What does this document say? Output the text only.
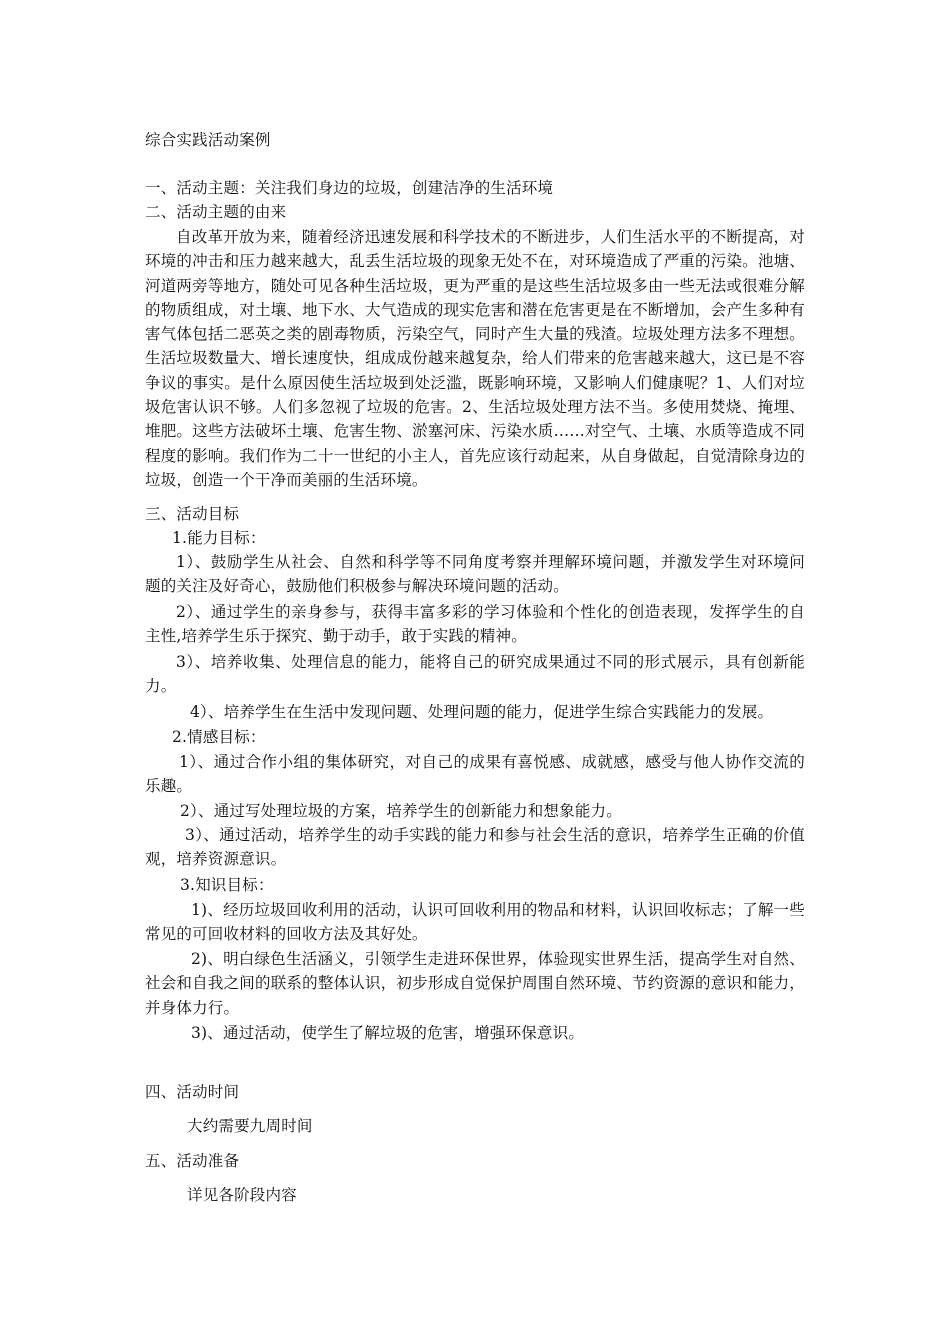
综合实践活动案例
一、活动主题：关注我们身边的垃圾，创建洁净的生活环境
二、活动主题的由来
自改革开放为来，随着经济迅速发展和科学技术的不断进步，人们生活水平的不断提高，对环境的冲击和压力越来越大，乱丢生活垃圾的现象无处不在，对环境造成了严重的污染。池塘、河道两旁等地方，随处可见各种生活垃圾，更为严重的是这些生活垃圾多由一些无法或很难分解的物质组成，对土壤、地下水、大气造成的现实危害和潜在危害更是在不断增加，会产生多种有害气体包括二恶英之类的剧毒物质，污染空气，同时产生大量的残渣。垃圾处理方法多不理想。生活垃圾数量大、增长速度快，组成成份越来越复杂，给人们带来的危害越来越大，这已是不容争议的事实。是什么原因使生活垃圾到处泛滥，既影响环境，又影响人们健康呢？1、人们对垃圾危害认识不够。人们多忽视了垃圾的危害。2、生活垃圾处理方法不当。多使用焚烧、掩埋、堆肥。这些方法破坏土壤、危害生物、淤塞河床、污染水质……对空气、土壤、水质等造成不同程度的影响。我们作为二十一世纪的小主人，首先应该行动起来，从自身做起，自觉清除身边的垃圾，创造一个干净而美丽的生活环境。
三、活动目标
1.能力目标：
1）、鼓励学生从社会、自然和科学等不同角度考察并理解环境问题，并激发学生对环境问题的关注及好奇心，鼓励他们积极参与解决环境问题的活动。
2）、通过学生的亲身参与，获得丰富多彩的学习体验和个性化的创造表现，发挥学生的自主性,培养学生乐于探究、勤于动手，敢于实践的精神。
3）、培养收集、处理信息的能力，能将自己的研究成果通过不同的形式展示，具有创新能力。
4）、培养学生在生活中发现问题、处理问题的能力，促进学生综合实践能力的发展。
2.情感目标：
1）、通过合作小组的集体研究，对自己的成果有喜悦感、成就感，感受与他人协作交流的乐趣。
2）、通过写处理垃圾的方案，培养学生的创新能力和想象能力。
3）、通过活动，培养学生的动手实践的能力和参与社会生活的意识，培养学生正确的价值观，培养资源意识。
3.知识目标：
1)、经历垃圾回收利用的活动，认识可回收利用的物品和材料，认识回收标志；了解一些常见的可回收材料的回收方法及其好处。
2)、明白绿色生活涵义，引领学生走进环保世界，体验现实世界生活，提高学生对自然、社会和自我之间的联系的整体认识，初步形成自觉保护周围自然环境、节约资源的意识和能力，并身体力行。
3)、通过活动，使学生了解垃圾的危害，增强环保意识。
四、活动时间
大约需要九周时间
五、活动准备
详见各阶段内容
